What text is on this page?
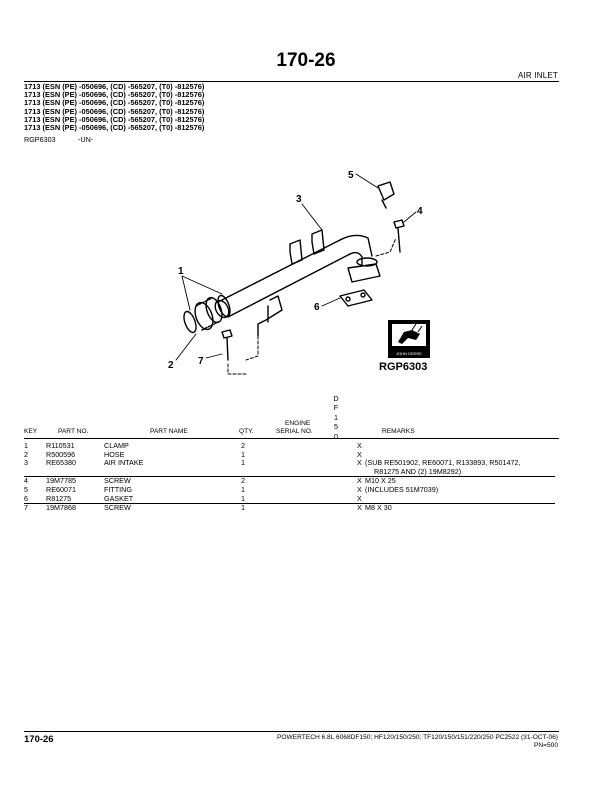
170-26
AIR INLET
1713 (ESN (PE) -050696, (CD) -565207, (T0) -812576)
1713 (ESN (PE) -050696, (CD) -565207, (T0) -812576)
1713 (ESN (PE) -050696, (CD) -565207, (T0) -812576)
1713 (ESN (PE) -050696, (CD) -565207, (T0) -812576)
1713 (ESN (PE) -050696, (CD) -565207, (T0) -812576)
1713 (ESN (PE) -050696, (CD) -565207, (T0) -812576)
RGP6303	-UN-
3
5
4
6
1
2 7
JOHN DEERE
RGP6303
D
F
1
5
0
KEY	PART NO.	PART NAME	QTY.
ENGINE
SERIAL NO.	REMARKS
1	R110531	CLAMP	2		X	
2	R500596	HOSE	1		X	
3	RE65380	AIR INTAKE	1		X	(SUB RE501902, RE60071, R133893, R501472,
R81275 AND (2) 19M8292)

4	19M7785	SCREW	2		X	M10 X 25
5	RE60071	FITTING	1		X	(INCLUDES 51M7039)
6	R81275	GASKET	1		X	
7	19M7868	SCREW	1		X	M8 X 30
170-26	POWERTECH 6.8L 6068DF150; HF120/150/250; TF120/150/151/220/250 PC2522 (31-OCT-06)
PN=500
